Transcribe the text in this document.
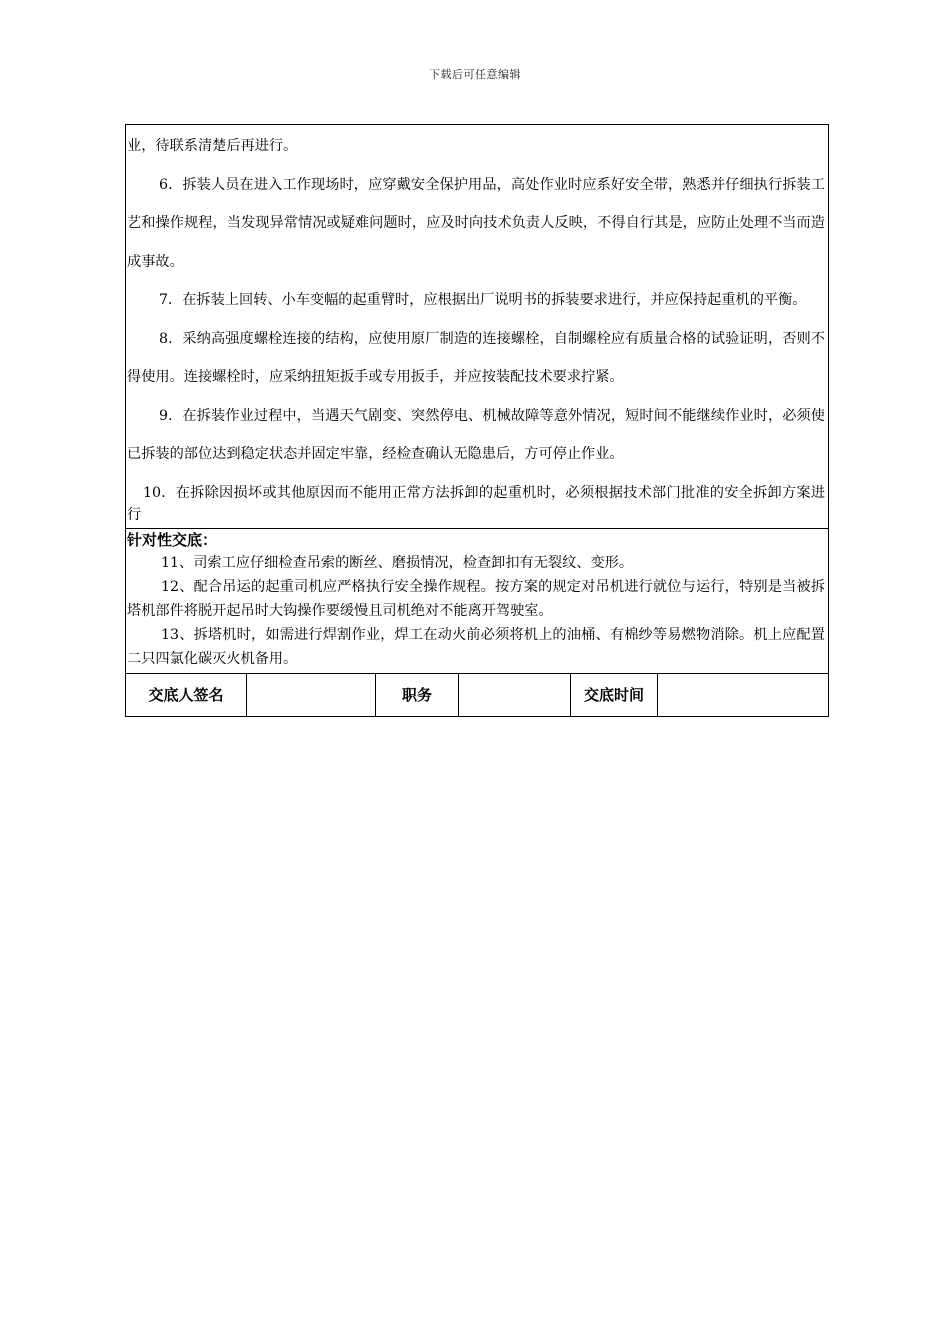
下载后可任意编辑

业，待联系清楚后再进行。

6．拆装人员在进入工作现场时，应穿戴安全保护用品，高处作业时应系好安全带，熟悉并仔细执行拆装工艺和操作规程，当发现异常情况或疑难问题时，应及时向技术负责人反映，不得自行其是，应防止处理不当而造成事故。

7．在拆装上回转、小车变幅的起重臂时，应根据出厂说明书的拆装要求进行，并应保持起重机的平衡。

8．采纳高强度螺栓连接的结构，应使用原厂制造的连接螺栓，自制螺栓应有质量合格的试验证明，否则不得使用。连接螺栓时，应采纳扭矩扳手或专用扳手，并应按装配技术要求拧紧。

9．在拆装作业过程中，当遇天气剧变、突然停电、机械故障等意外情况，短时间不能继续作业时，必须使已拆装的部位达到稳定状态并固定牢靠，经检查确认无隐患后，方可停止作业。

10．在拆除因损坏或其他原因而不能用正常方法拆卸的起重机时，必须根据技术部门批准的安全拆卸方案进行

针对性交底：

11、司索工应仔细检查吊索的断丝、磨损情况，检查卸扣有无裂纹、变形。

12、配合吊运的起重司机应严格执行安全操作规程。按方案的规定对吊机进行就位与运行，特别是当被拆塔机部件将脱开起吊时大钩操作要缓慢且司机绝对不能离开驾驶室。

13、拆塔机时，如需进行焊割作业，焊工在动火前必须将机上的油桶、有棉纱等易燃物消除。机上应配置二只四氯化碳灭火机备用。

交底人签名	职务	交底时间
